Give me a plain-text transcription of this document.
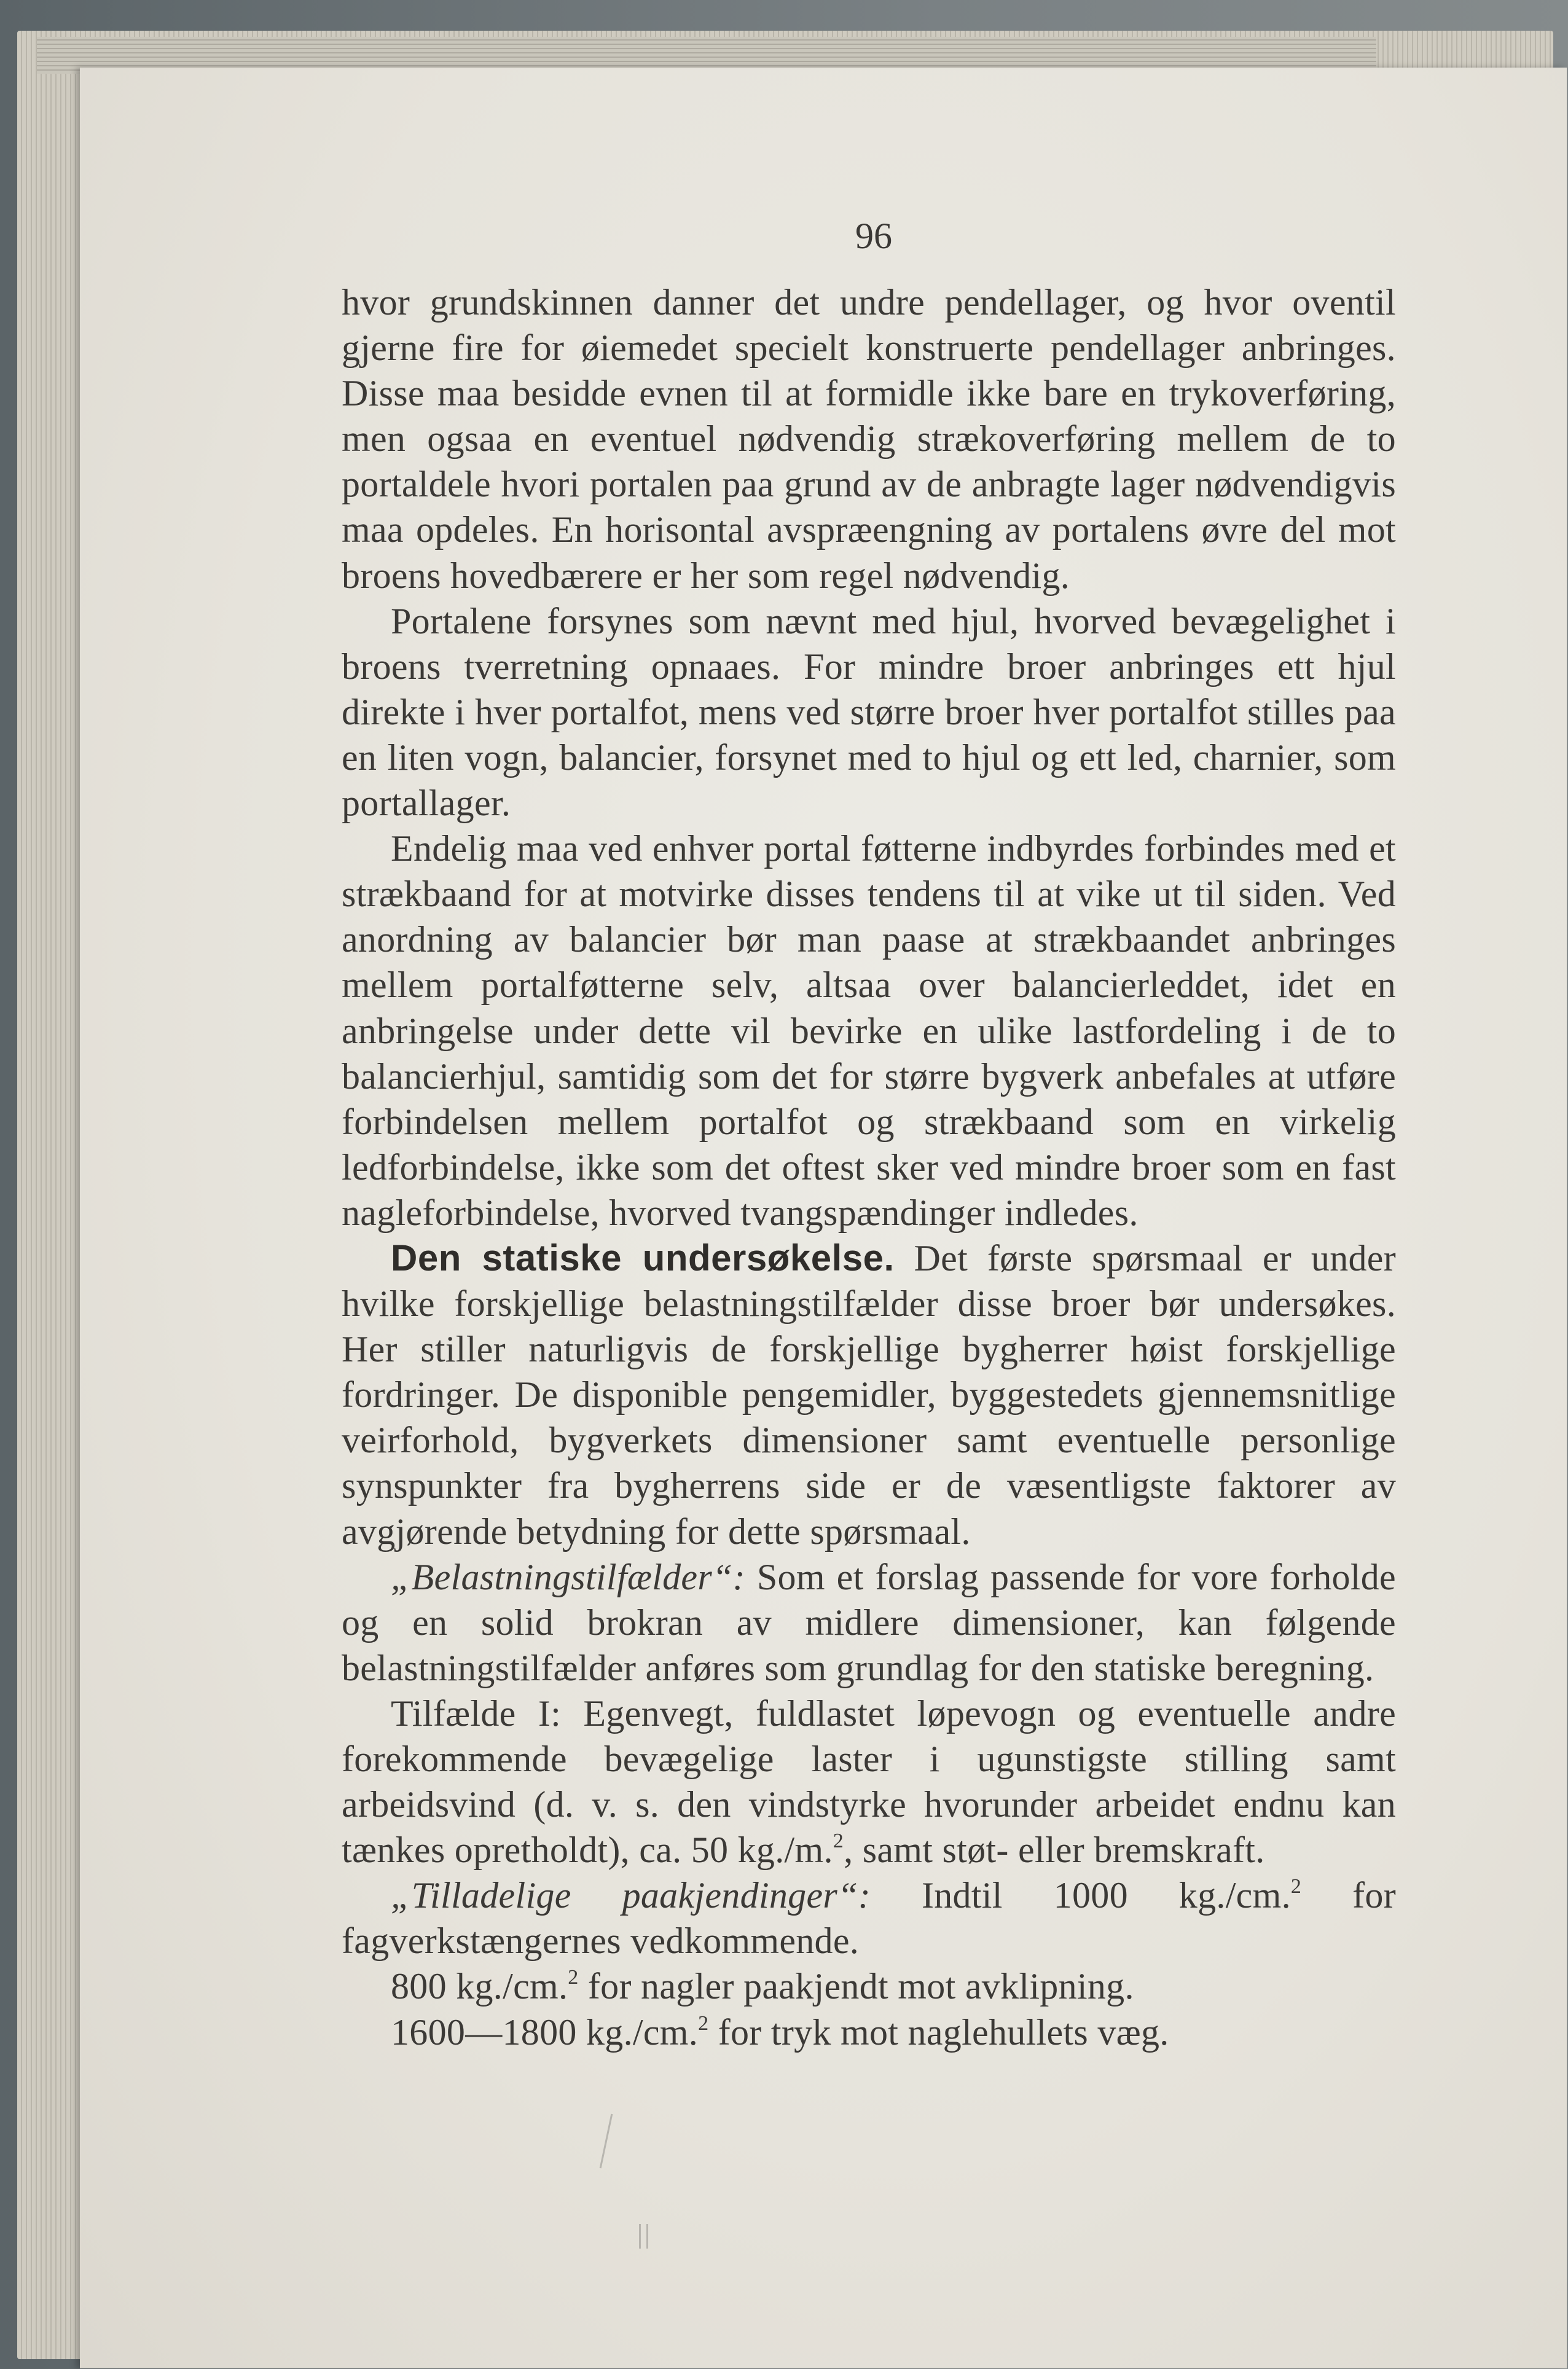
96

hvor grundskinnen danner det undre pendellager, og hvor oventil gjerne fire for øiemedet specielt konstruerte pendellager anbringes. Disse maa besidde evnen til at formidle ikke bare en trykoverføring, men ogsaa en eventuel nødvendig strækoverføring mellem de to portaldele hvori portalen paa grund av de anbragte lager nødvendigvis maa opdeles. En horisontal avspræengning av portalens øvre del mot broens hovedbærere er her som regel nødvendig.

Portalene forsynes som nævnt med hjul, hvorved bevægelighet i broens tverretning opnaaes. For mindre broer anbringes ett hjul direkte i hver portalfot, mens ved større broer hver portalfot stilles paa en liten vogn, balancier, forsynet med to hjul og ett led, charnier, som portallager.

Endelig maa ved enhver portal føtterne indbyrdes forbindes med et strækbaand for at motvirke disses tendens til at vike ut til siden. Ved anordning av balancier bør man paase at strækbaandet anbringes mellem portalføtterne selv, altsaa over balancierleddet, idet en anbringelse under dette vil bevirke en ulike lastfordeling i de to balancierhjul, samtidig som det for større bygverk anbefales at utføre forbindelsen mellem portalfot og strækbaand som en virkelig ledforbindelse, ikke som det oftest sker ved mindre broer som en fast nagleforbindelse, hvorved tvangspændinger indledes.

Den statiske undersøkelse. Det første spørsmaal er under hvilke forskjellige belastningstilfælder disse broer bør undersøkes. Her stiller naturligvis de forskjellige bygherrer høist forskjellige fordringer. De disponible pengemidler, byggestedets gjennemsnitlige veirforhold, bygverkets dimensioner samt eventuelle personlige synspunkter fra bygherrens side er de væsentligste faktorer av avgjørende betydning for dette spørsmaal.

„Belastningstilfælder“: Som et forslag passende for vore forholde og en solid brokran av midlere dimensioner, kan følgende belastningstilfælder anføres som grundlag for den statiske beregning.

Tilfælde I: Egenvegt, fuldlastet løpevogn og eventuelle andre forekommende bevægelige laster i ugunstigste stilling samt arbeidsvind (d. v. s. den vindstyrke hvorunder arbeidet endnu kan tænkes opretholdt), ca. 50 kg./m.$^2$, samt støt- eller bremskraft.

„Tilladelige paakjendinger“: Indtil 1000 kg./cm.$^2$ for fagverkstængernes vedkommende.

800 kg./cm.$^2$ for nagler paakjendt mot avklipning.

1600—1800 kg./cm.$^2$ for tryk mot naglehullets væg.
